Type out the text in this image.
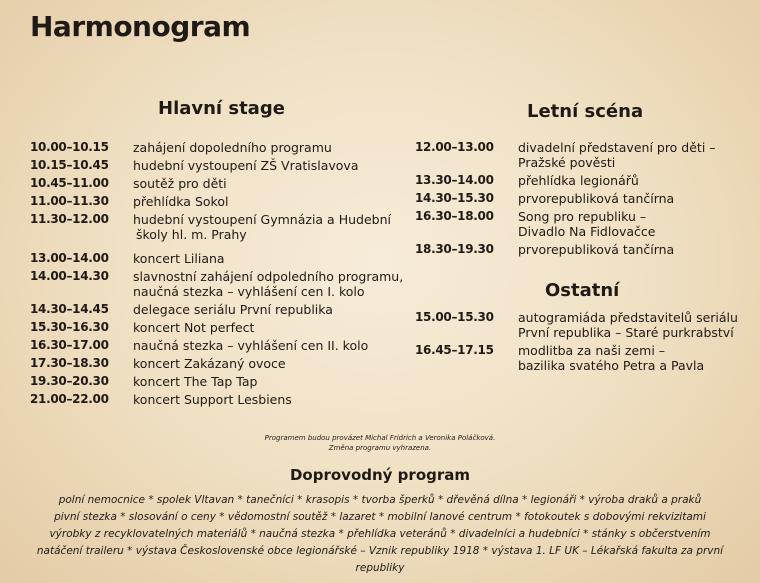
Harmonogram
Hlavní stage	Letní scéna
Ostatní
10.00–10.15 zahájení dopoledního programu
10.15–10.45 hudební vystoupení ZŠ Vratislavova
10.45–11.00 soutěž pro děti
11.00–11.30 přehlídka Sokol
11.30–12.00 hudební vystoupení Gymnázia a Hudební
školy hl. m. Prahy
13.00–14.00 koncert Liliana
14.00–14.30 slavnostní zahájení odpoledního programu,
naučná stezka – vyhlášení cen I. kolo
14.30–14.45 delegace seriálu První republika
15.30–16.30 koncert Not perfect
16.30–17.00 naučná stezka – vyhlášení cen II. kolo
17.30–18.30 koncert Zakázaný ovoce
19.30–20.30 koncert The Tap Tap
21.00–22.00 koncert Support Lesbiens
12.00–13.00 divadelní představení pro děti –
Pražské pověsti
13.30–14.00 přehlídka legionářů
14.30–15.30 prvorepubliková tančírna
16.30–18.00 Song pro republiku –
Divadlo Na Fidlovačce
18.30–19.30 prvorepubliková tančírna
15.00–15.30 autogramiáda představitelů seriálu
První republika – Staré purkrabství
16.45–17.15 modlitba za naši zemi –
bazilika svatého Petra a Pavla
Programem budou provázet Michal Fridrich a Veronika Poláčková.
Změna programu vyhrazena.
Doprovodný program
polní nemocnice * spolek Vltavan * tanečníci * krasopis * tvorba šperků * dřevěná dílna * legionáři * výroba draků a praků
pivní stezka * slosování o ceny * vědomostní soutěž * lazaret * mobilní lanové centrum * fotokoutek s dobovými rekvizitami
výrobky z recyklovatelných materiálů * naučná stezka * přehlídka veteránů * divadelníci a hudebníci * stánky s občerstvením
natáčení traileru * výstava Československé obce legionářské – Vznik republiky 1918 * výstava 1. LF UK – Lékařská fakulta za první republiky
